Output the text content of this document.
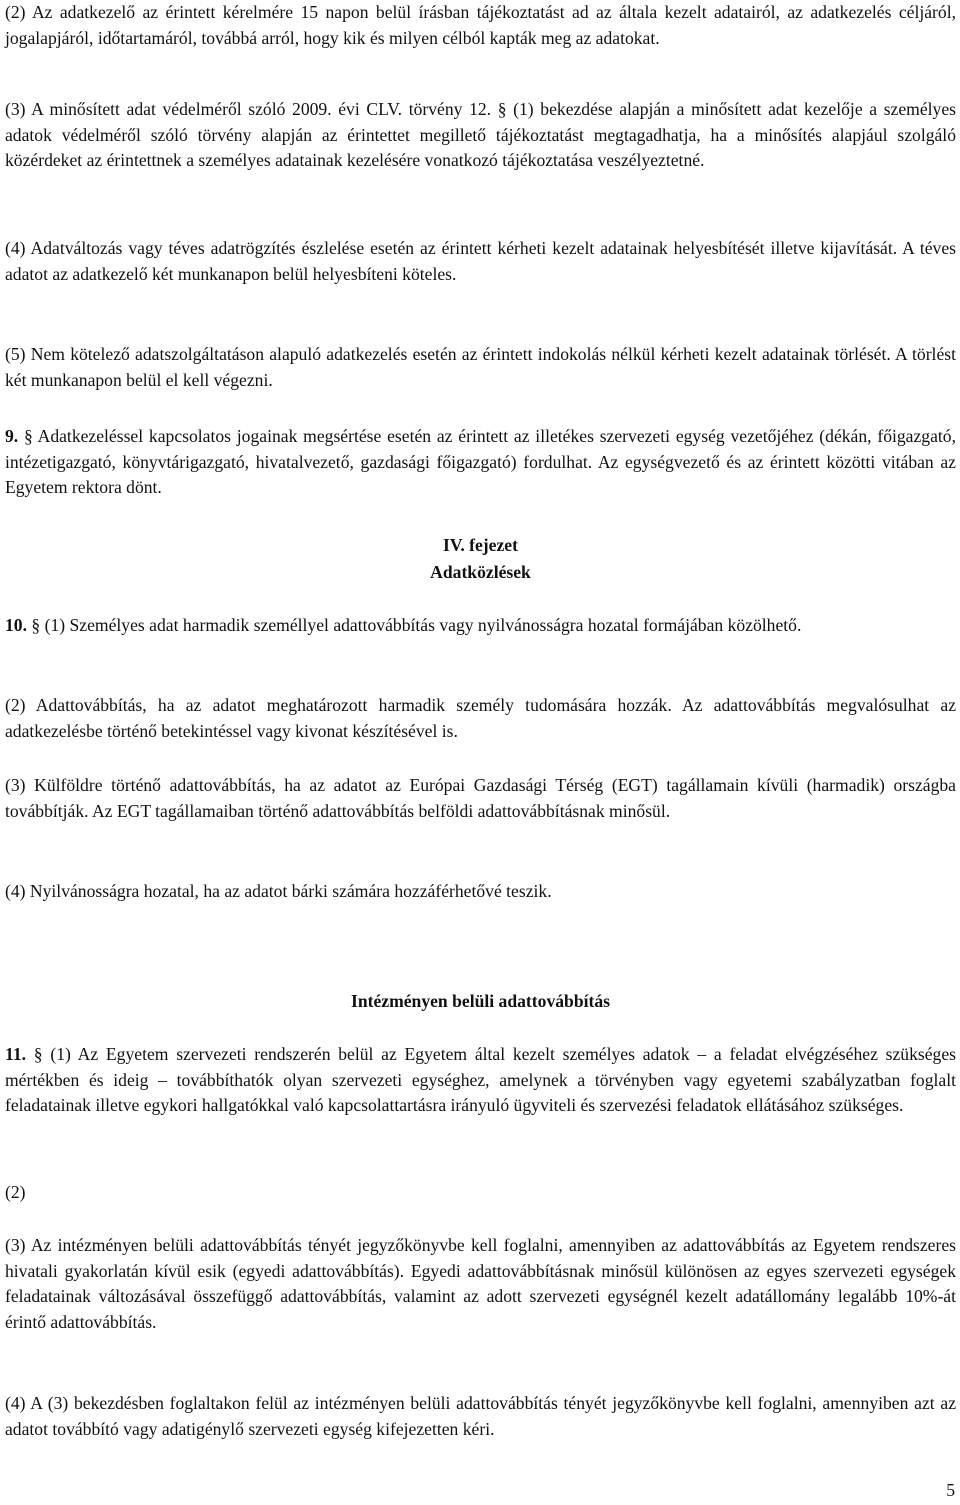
(2) Az adatkezelő az érintett kérelmére 15 napon belül írásban tájékoztatást ad az általa kezelt adatairól, az adatkezelés céljáról, jogalapjáról, időtartamáról, továbbá arról, hogy kik és milyen célból kapták meg az adatokat.

(3) A minősített adat védelméről szóló 2009. évi CLV. törvény 12. § (1) bekezdése alapján a minősített adat kezelője a személyes adatok védelméről szóló törvény alapján az érintettet megillető tájékoztatást megtagadhatja, ha a minősítés alapjául szolgáló közérdeket az érintettnek a személyes adatainak kezelésére vonatkozó tájékoztatása veszélyeztetné.

(4) Adatváltozás vagy téves adatrögzítés észlelése esetén az érintett kérheti kezelt adatainak helyesbítését illetve kijavítását. A téves adatot az adatkezelő két munkanapon belül helyesbíteni köteles.

(5) Nem kötelező adatszolgáltatáson alapuló adatkezelés esetén az érintett indokolás nélkül kérheti kezelt adatainak törlését. A törlést két munkanapon belül el kell végezni.

9. § Adatkezeléssel kapcsolatos jogainak megsértése esetén az érintett az illetékes szervezeti egység vezetőjéhez (dékán, főigazgató, intézetigazgató, könyvtárigazgató, hivatalvezető, gazdasági főigazgató) fordulhat. Az egységvezető és az érintett közötti vitában az Egyetem rektora dönt.

IV. fejezet

Adatközlések

10. § (1) Személyes adat harmadik személlyel adattovábbítás vagy nyilvánosságra hozatal formájában közölhető.

(2) Adattovábbítás, ha az adatot meghatározott harmadik személy tudomására hozzák. Az adattovábbítás megvalósulhat az adatkezelésbe történő betekintéssel vagy kivonat készítésével is.

(3) Külföldre történő adattovábbítás, ha az adatot az Európai Gazdasági Térség (EGT) tagállamain kívüli (harmadik) országba továbbítják. Az EGT tagállamaiban történő adattovábbítás belföldi adattovábbításnak minősül.

(4) Nyilvánosságra hozatal, ha az adatot bárki számára hozzáférhetővé teszik.

Intézményen belüli adattovábbítás

11. § (1) Az Egyetem szervezeti rendszerén belül az Egyetem által kezelt személyes adatok – a feladat elvégzéséhez szükséges mértékben és ideig – továbbíthatók olyan szervezeti egységhez, amelynek a törvényben vagy egyetemi szabályzatban foglalt feladatainak illetve egykori hallgatókkal való kapcsolattartásra irányuló ügyviteli és szervezési feladatok ellátásához szükséges.

(2)

(3) Az intézményen belüli adattovábbítás tényét jegyzőkönyvbe kell foglalni, amennyiben az adattovábbítás az Egyetem rendszeres hivatali gyakorlatán kívül esik (egyedi adattovábbítás). Egyedi adattovábbításnak minősül különösen az egyes szervezeti egységek feladatainak változásával összefüggő adattovábbítás, valamint az adott szervezeti egységnél kezelt adatállomány legalább 10%-át érintő adattovábbítás.

(4) A (3) bekezdésben foglaltakon felül az intézményen belüli adattovábbítás tényét jegyzőkönyvbe kell foglalni, amennyiben azt az adatot továbbító vagy adatigénylő szervezeti egység kifejezetten kéri.

5
